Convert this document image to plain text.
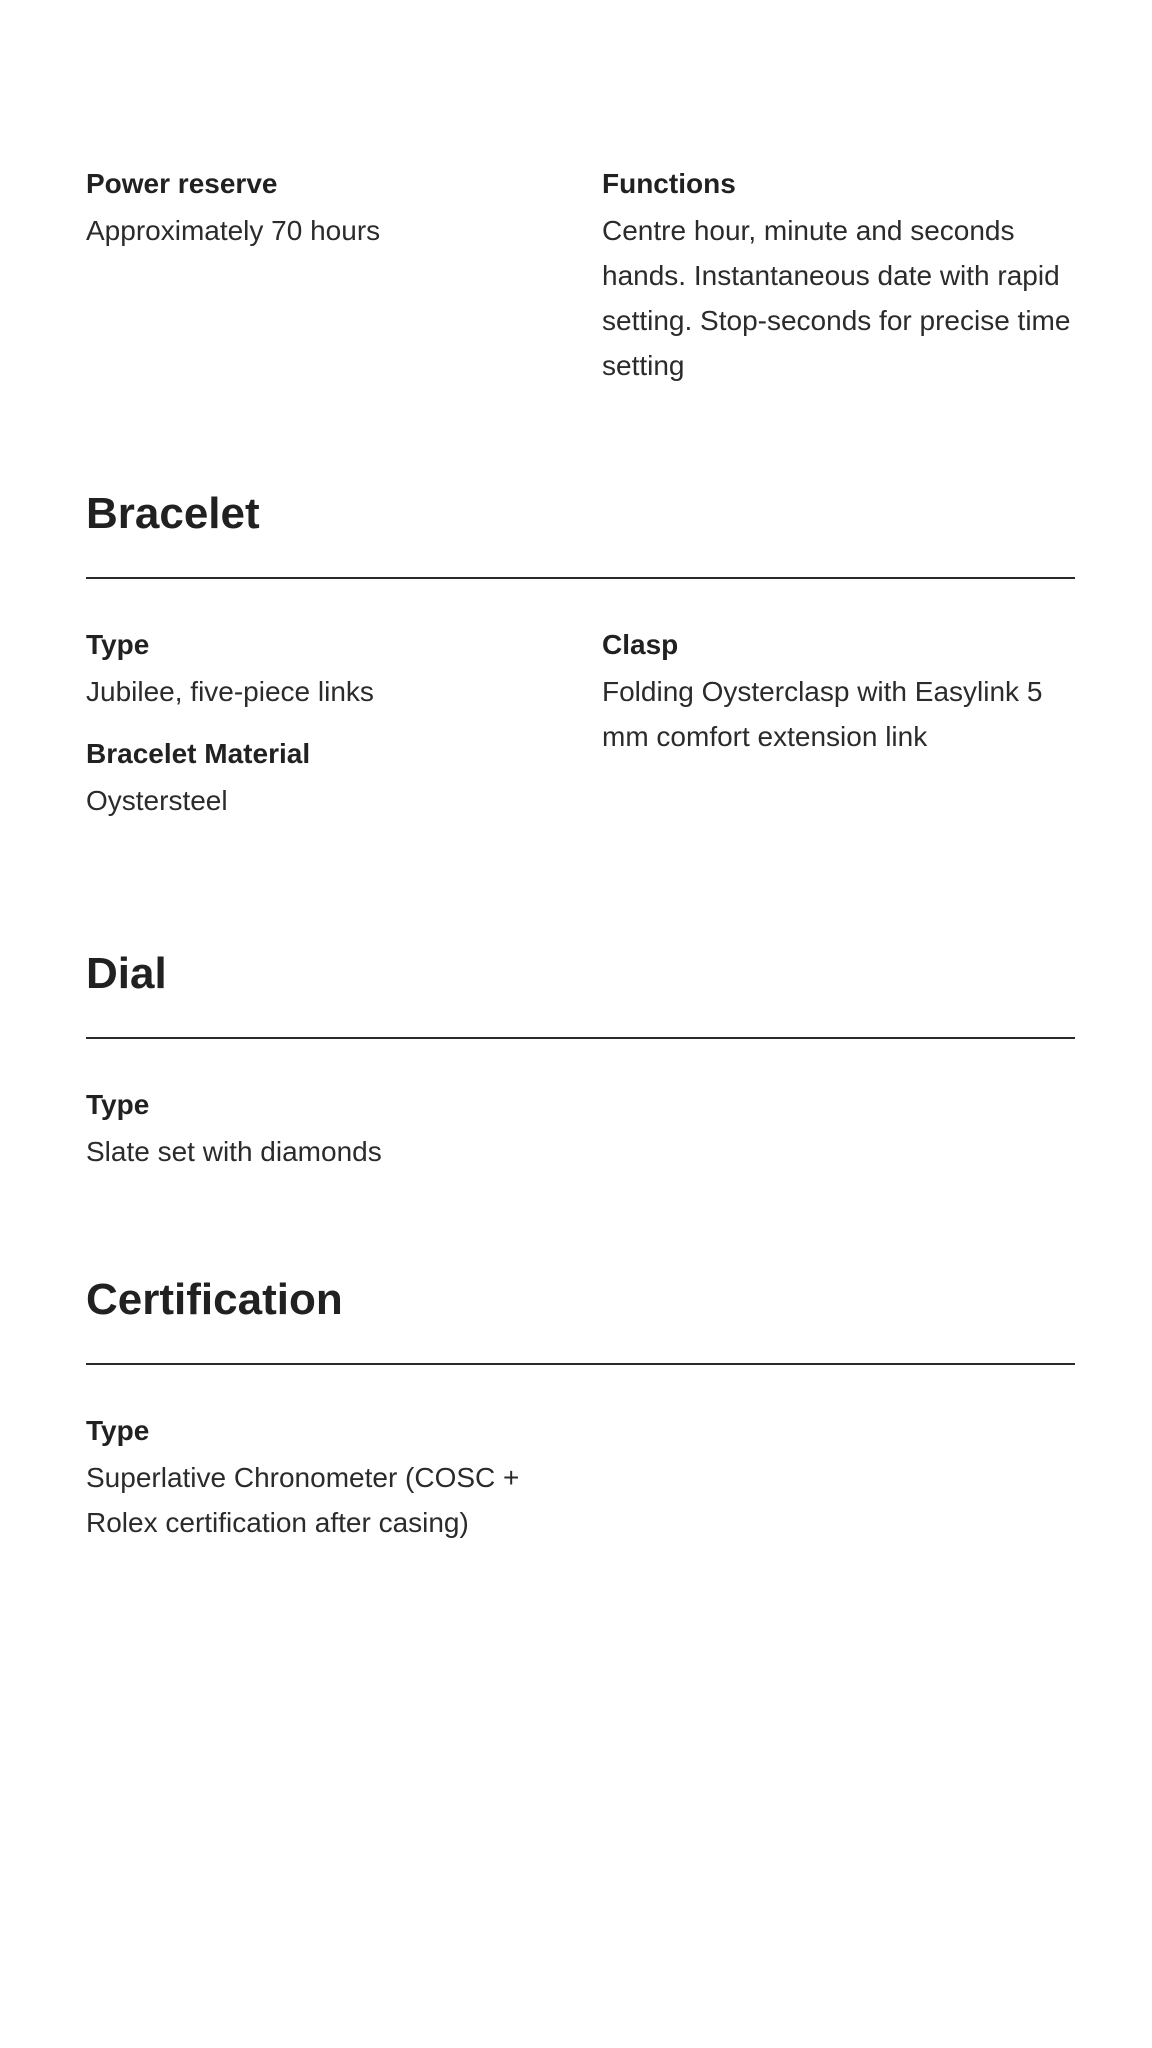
Power reserve
Approximately 70 hours
Functions
Centre hour, minute and seconds hands. Instantaneous date with rapid setting. Stop-seconds for precise time setting
Bracelet
Type
Jubilee, five-piece links
Bracelet Material
Oystersteel
Clasp
Folding Oysterclasp with Easylink 5 mm comfort extension link
Dial
Type
Slate set with diamonds
Certification
Type
Superlative Chronometer (COSC + Rolex certification after casing)
